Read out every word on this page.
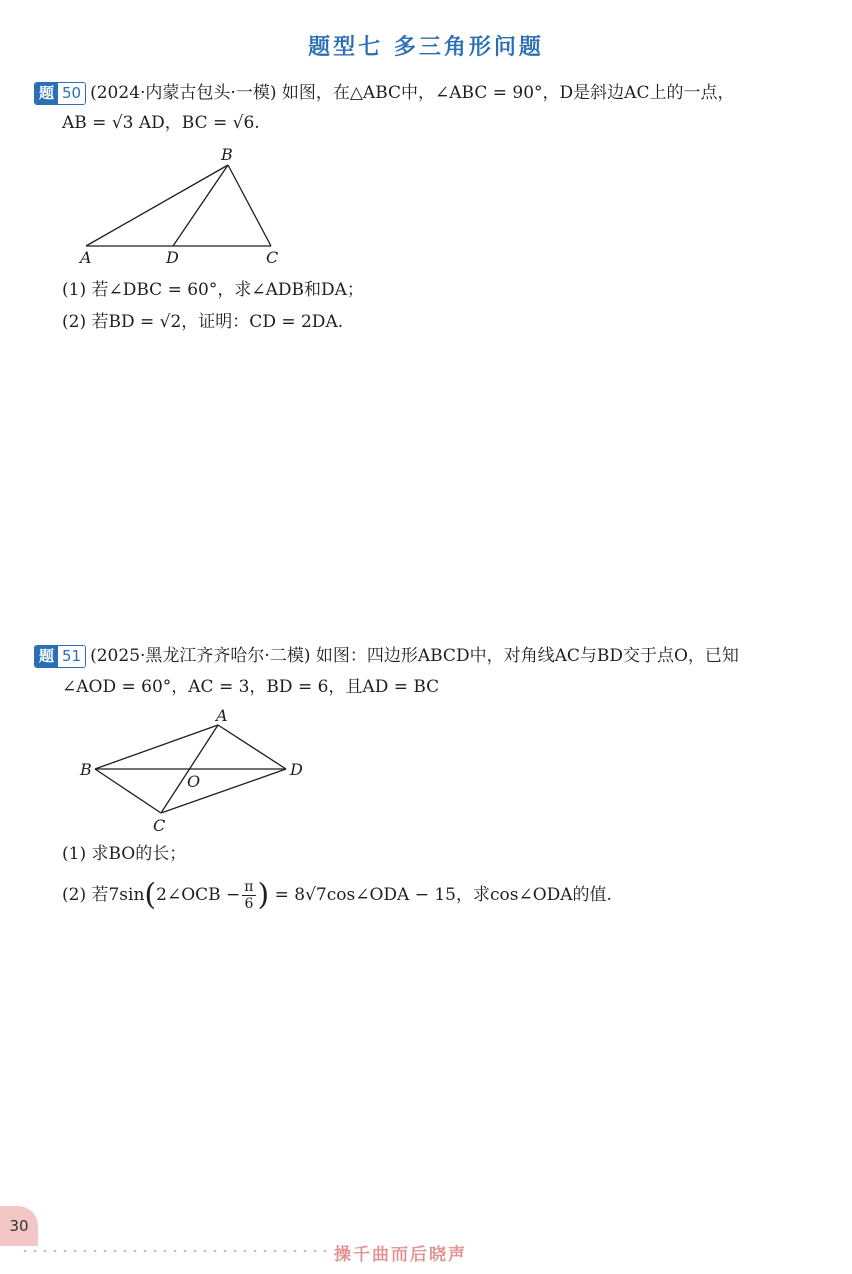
题型七 多三角形问题
题 50 (2024·内蒙古包头·一模) 如图，在△ABC中，∠ABC = 90°，D是斜边AC上的一点，
AB = √3 AD，BC = √6.
A
B
C
D
(1) 若∠DBC = 60°，求∠ADB和DA；
(2) 若BD = √2，证明：CD = 2DA.
题 51 (2025·黑龙江齐齐哈尔·二模) 如图：四边形ABCD中，对角线AC与BD交于点O，已知
∠AOD = 60°，AC = 3，BD = 6，且AD = BC
A
B
C
D
O
(1) 求BO的长；
(2) 若7sin(2∠OCB − $\frac{\pi}{6}$ ) = 8√7cos∠ODA − 15，求cos∠ODA的值.
30
操千曲而后晓声
